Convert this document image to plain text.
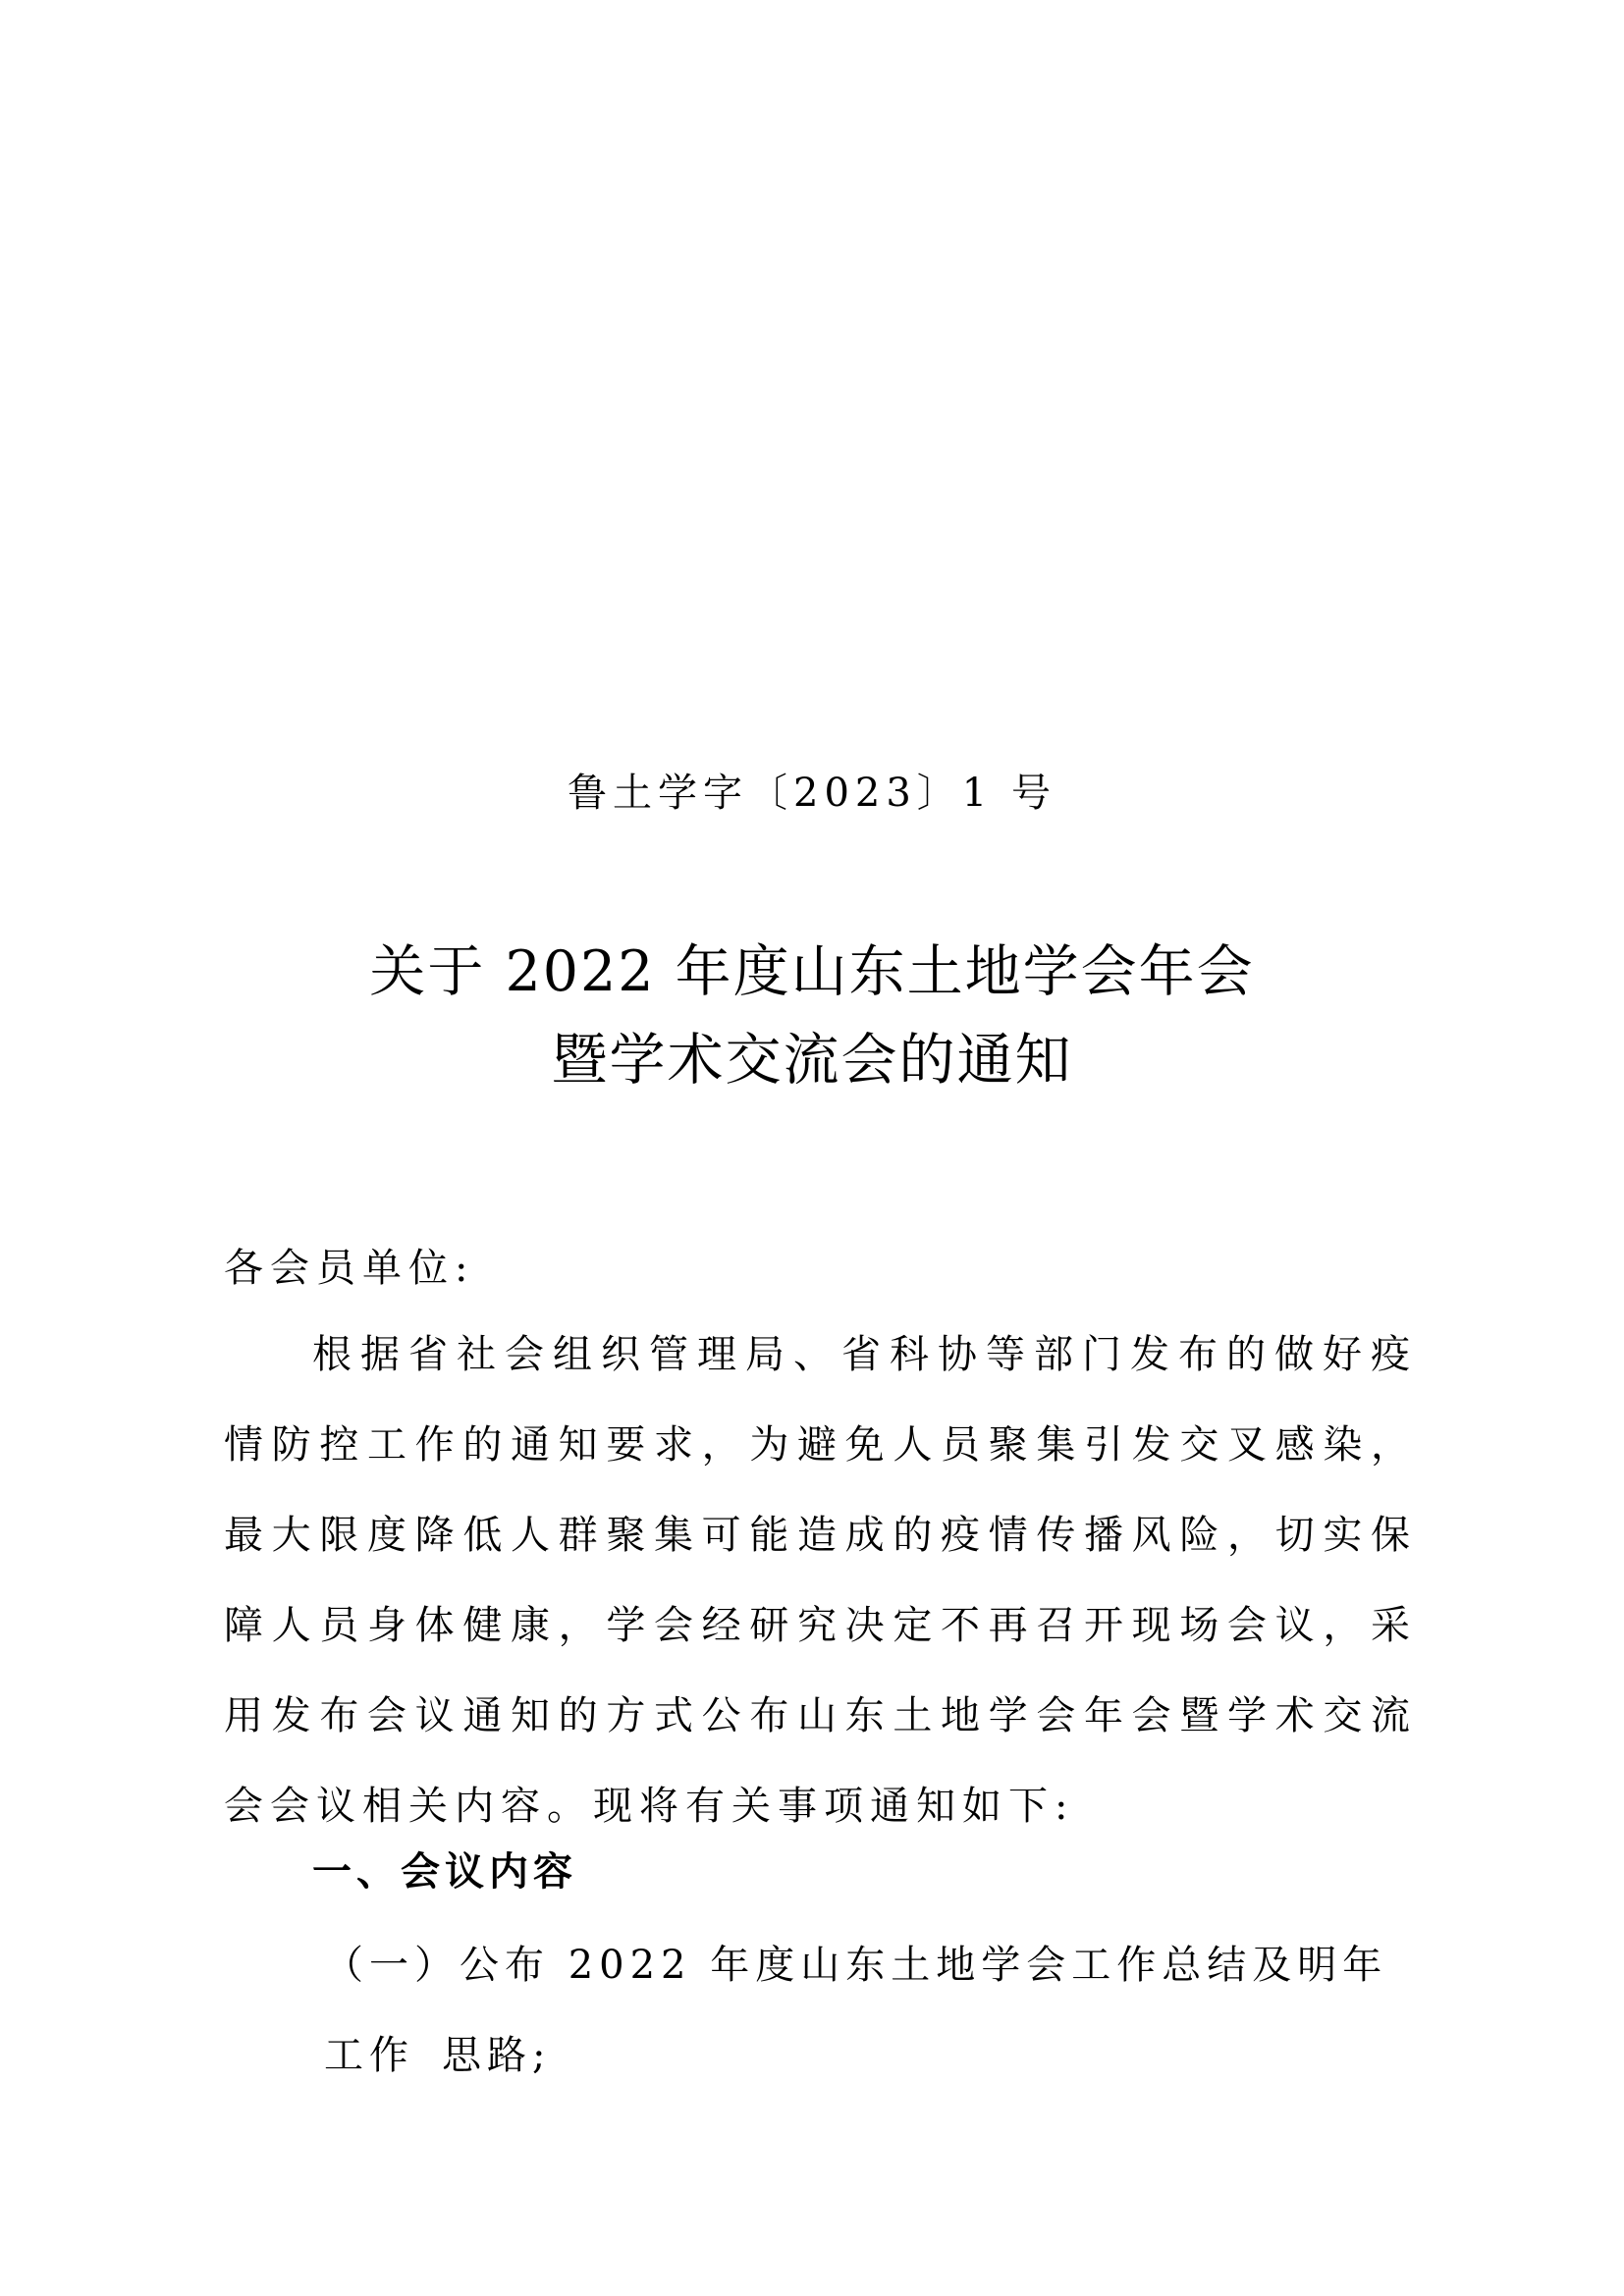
鲁土学字〔2023〕1 号
关于 2022 年度山东土地学会年会
暨学术交流会的通知
各会员单位:
根据省社会组织管理局、省科协等部门发布的做好疫情防控工作的通知要求，为避免人员聚集引发交叉感染，最大限度降低人群聚集可能造成的疫情传播风险，切实保障人员身体健康，学会经研究决定不再召开现场会议，采用发布会议通知的方式公布山东土地学会年会暨学术交流会会议相关内容。现将有关事项通知如下:
一、会议内容
（一）公布 2022 年度山东土地学会工作总结及明年工作 思路;
